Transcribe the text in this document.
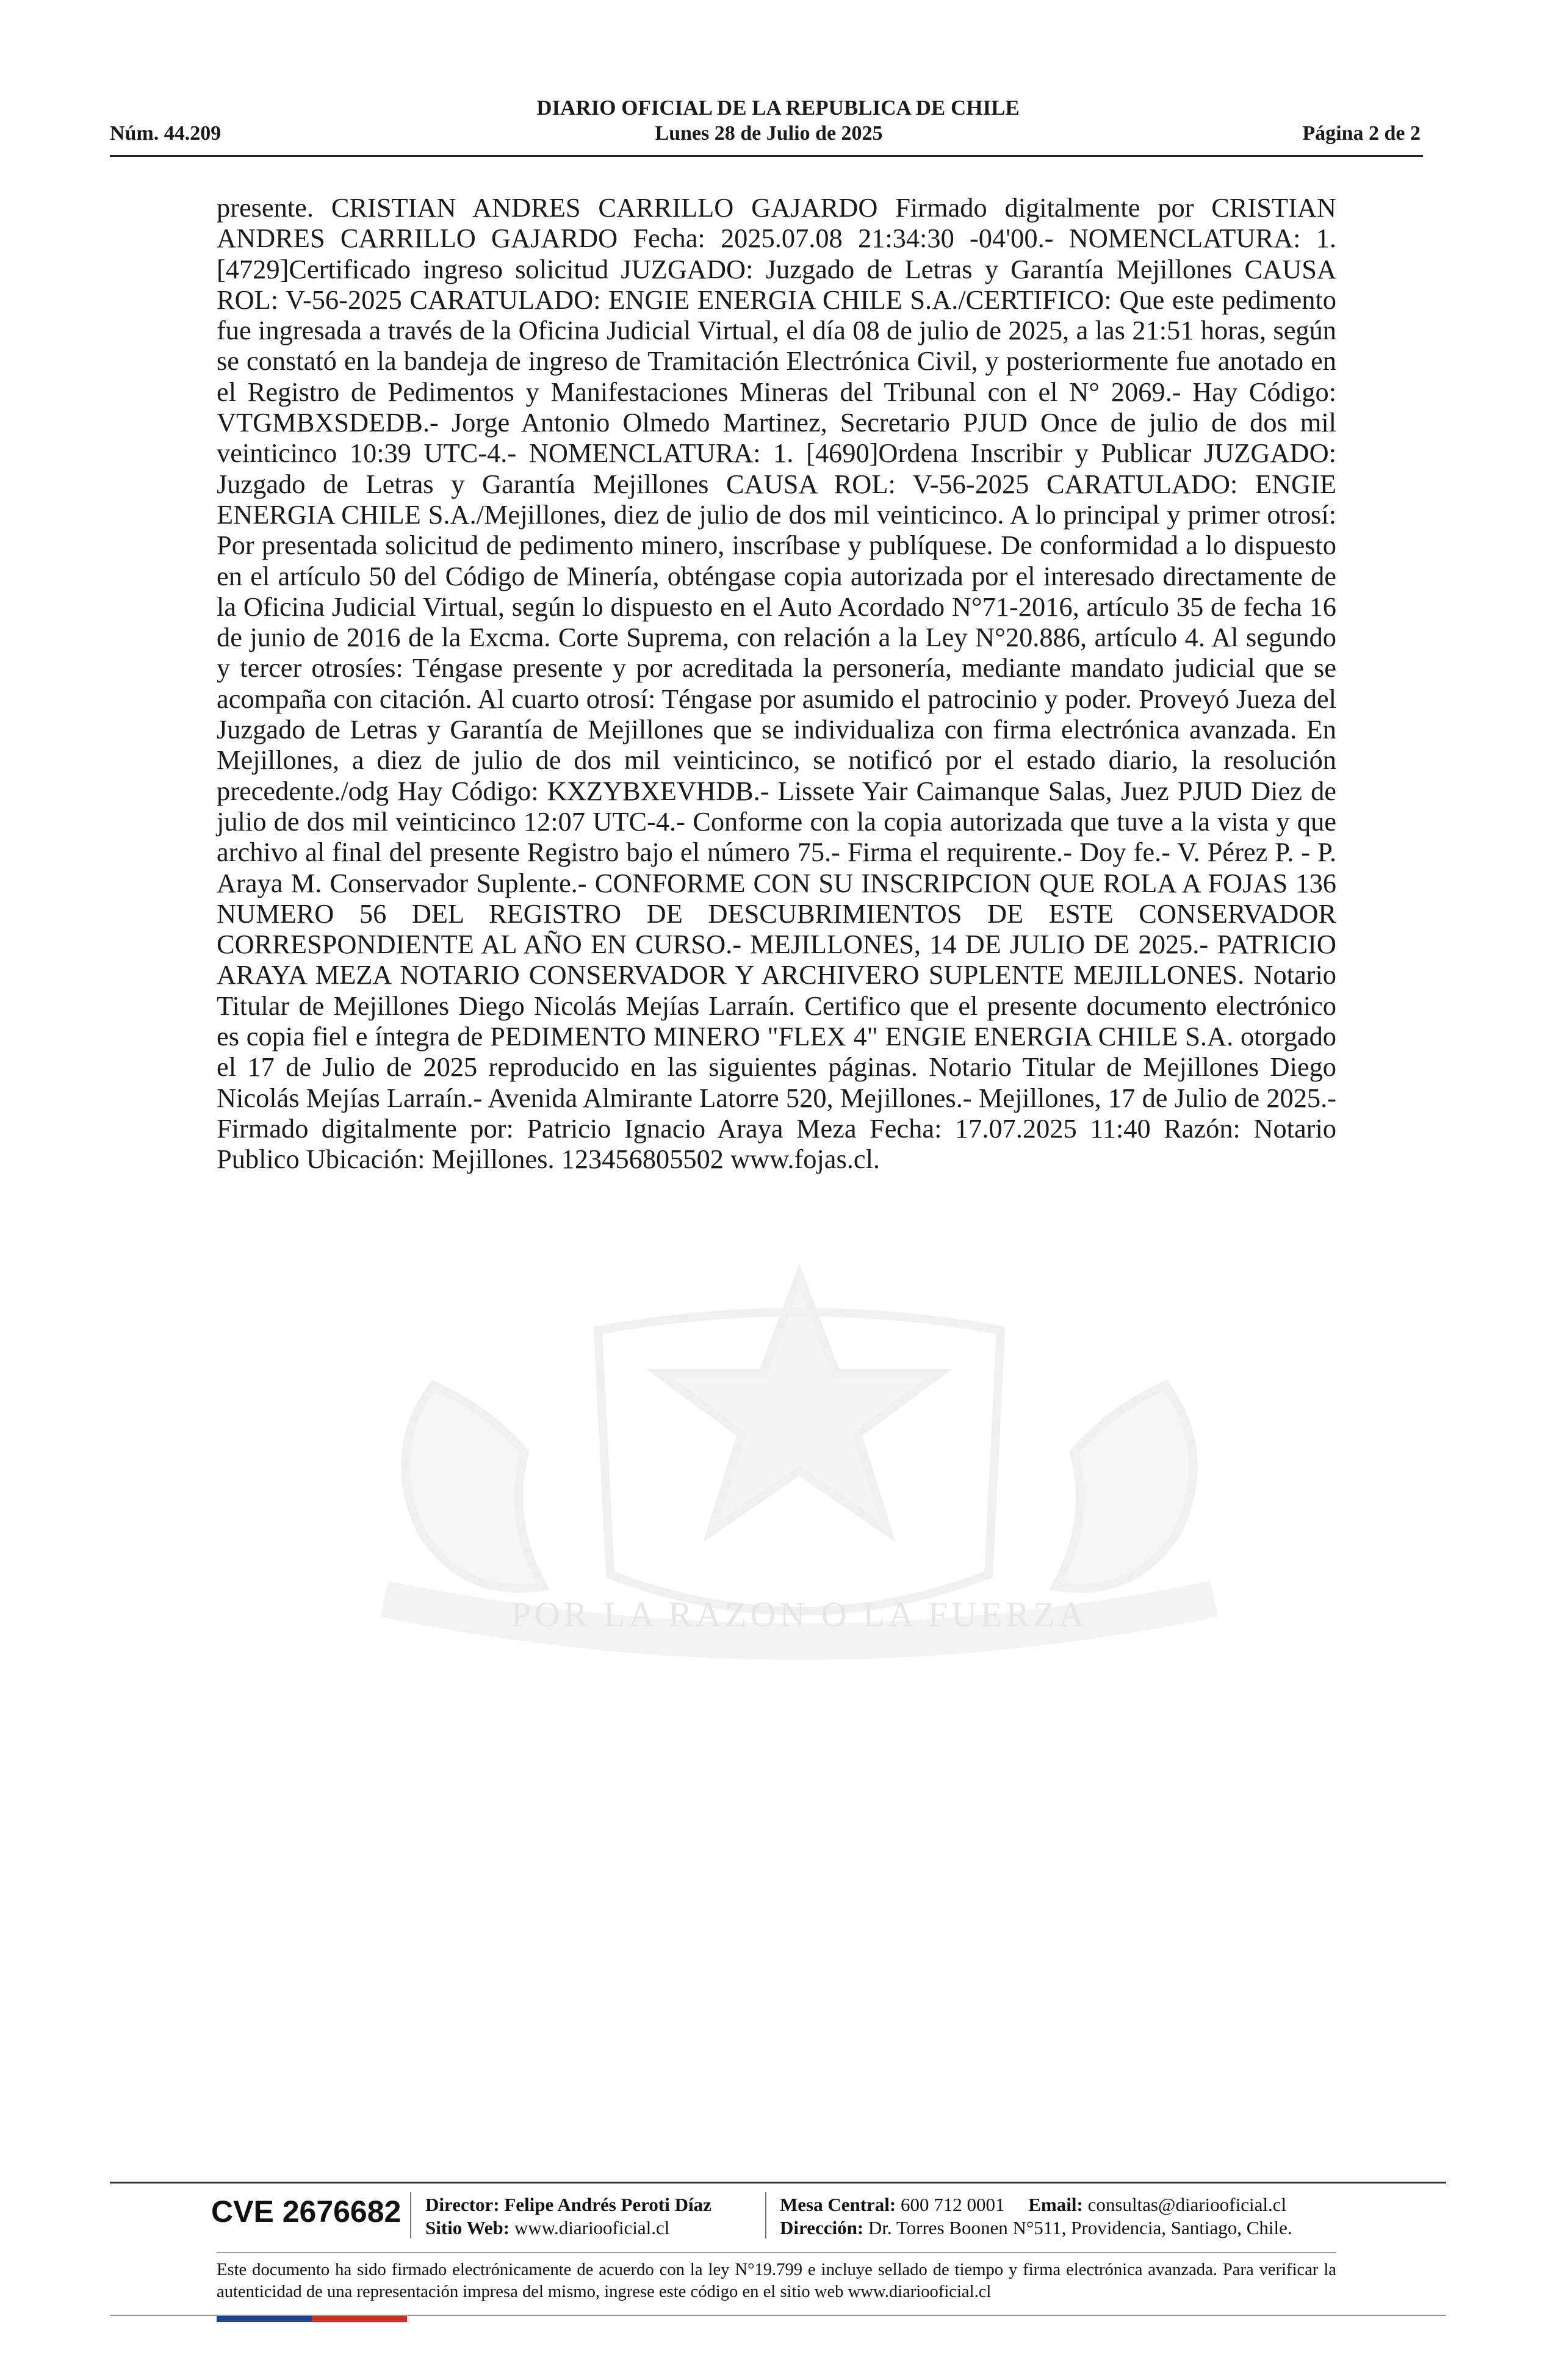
DIARIO OFICIAL DE LA REPUBLICA DE CHILE
Núm. 44.209	Lunes 28 de Julio de 2025	Página 2 de 2
POR LA RAZON O LA FUERZA

presente. CRISTIAN ANDRES CARRILLO GAJARDO Firmado digitalmente por CRISTIAN ANDRES CARRILLO GAJARDO Fecha: 2025.07.08 21:34:30 -04'00.- NOMENCLATURA: 1. [4729]Certificado ingreso solicitud JUZGADO: Juzgado de Letras y Garantía Mejillones CAUSA ROL: V-56-2025 CARATULADO: ENGIE ENERGIA CHILE S.A./CERTIFICO: Que este pedimento fue ingresada a través de la Oficina Judicial Virtual, el día 08 de julio de 2025, a las 21:51 horas, según se constató en la bandeja de ingreso de Tramitación Electrónica Civil, y posteriormente fue anotado en el Registro de Pedimentos y Manifestaciones Mineras del Tribunal con el N° 2069.- Hay Código: VTGMBXSDEDB.- Jorge Antonio Olmedo Martinez, Secretario PJUD Once de julio de dos mil veinticinco 10:39 UTC-4.- NOMENCLATURA: 1. [4690]Ordena Inscribir y Publicar JUZGADO: Juzgado de Letras y Garantía Mejillones CAUSA ROL: V-56-2025 CARATULADO: ENGIE ENERGIA CHILE S.A./Mejillones, diez de julio de dos mil veinticinco. A lo principal y primer otrosí: Por presentada solicitud de pedimento minero, inscríbase y publíquese. De conformidad a lo dispuesto en el artículo 50 del Código de Minería, obténgase copia autorizada por el interesado directamente de la Oficina Judicial Virtual, según lo dispuesto en el Auto Acordado N°71-2016, artículo 35 de fecha 16 de junio de 2016 de la Excma. Corte Suprema, con relación a la Ley N°20.886, artículo 4. Al segundo y tercer otrosíes: Téngase presente y por acreditada la personería, mediante mandato judicial que se acompaña con citación. Al cuarto otrosí: Téngase por asumido el patrocinio y poder. Proveyó Jueza del Juzgado de Letras y Garantía de Mejillones que se individualiza con firma electrónica avanzada. En Mejillones, a diez de julio de dos mil veinticinco, se notificó por el estado diario, la resolución precedente./odg Hay Código: KXZYBXEVHDB.- Lissete Yair Caimanque Salas, Juez PJUD Diez de julio de dos mil veinticinco 12:07 UTC-4.- Conforme con la copia autorizada que tuve a la vista y que archivo al final del presente Registro bajo el número 75.- Firma el requirente.- Doy fe.- V. Pérez P. - P. Araya M. Conservador Suplente.- CONFORME CON SU INSCRIPCION QUE ROLA A FOJAS 136 NUMERO 56 DEL REGISTRO DE DESCUBRIMIENTOS DE ESTE CONSERVADOR CORRESPONDIENTE AL AÑO EN CURSO.- MEJILLONES, 14 DE JULIO DE 2025.- PATRICIO ARAYA MEZA NOTARIO CONSERVADOR Y ARCHIVERO SUPLENTE MEJILLONES. Notario Titular de Mejillones Diego Nicolás Mejías Larraín. Certifico que el presente documento electrónico es copia fiel e íntegra de PEDIMENTO MINERO "FLEX 4" ENGIE ENERGIA CHILE S.A. otorgado el 17 de Julio de 2025 reproducido en las siguientes páginas. Notario Titular de Mejillones Diego Nicolás Mejías Larraín.- Avenida Almirante Latorre 520, Mejillones.- Mejillones, 17 de Julio de 2025.- Firmado digitalmente por: Patricio Ignacio Araya Meza Fecha: 17.07.2025 11:40 Razón: Notario Publico Ubicación: Mejillones. 123456805502 www.fojas.cl.

CVE 2676682 Director: Felipe Andrés Peroti Díaz
Sitio Web: www.diariooficial.cl
Mesa Central: 600 712 0001 Email: consultas@diariooficial.cl
Dirección: Dr. Torres Boonen N°511, Providencia, Santiago, Chile.

Este documento ha sido firmado electrónicamente de acuerdo con la ley N°19.799 e incluye sellado de tiempo y firma electrónica avanzada. Para verificar la autenticidad de una representación impresa del mismo, ingrese este código en el sitio web www.diariooficial.cl
